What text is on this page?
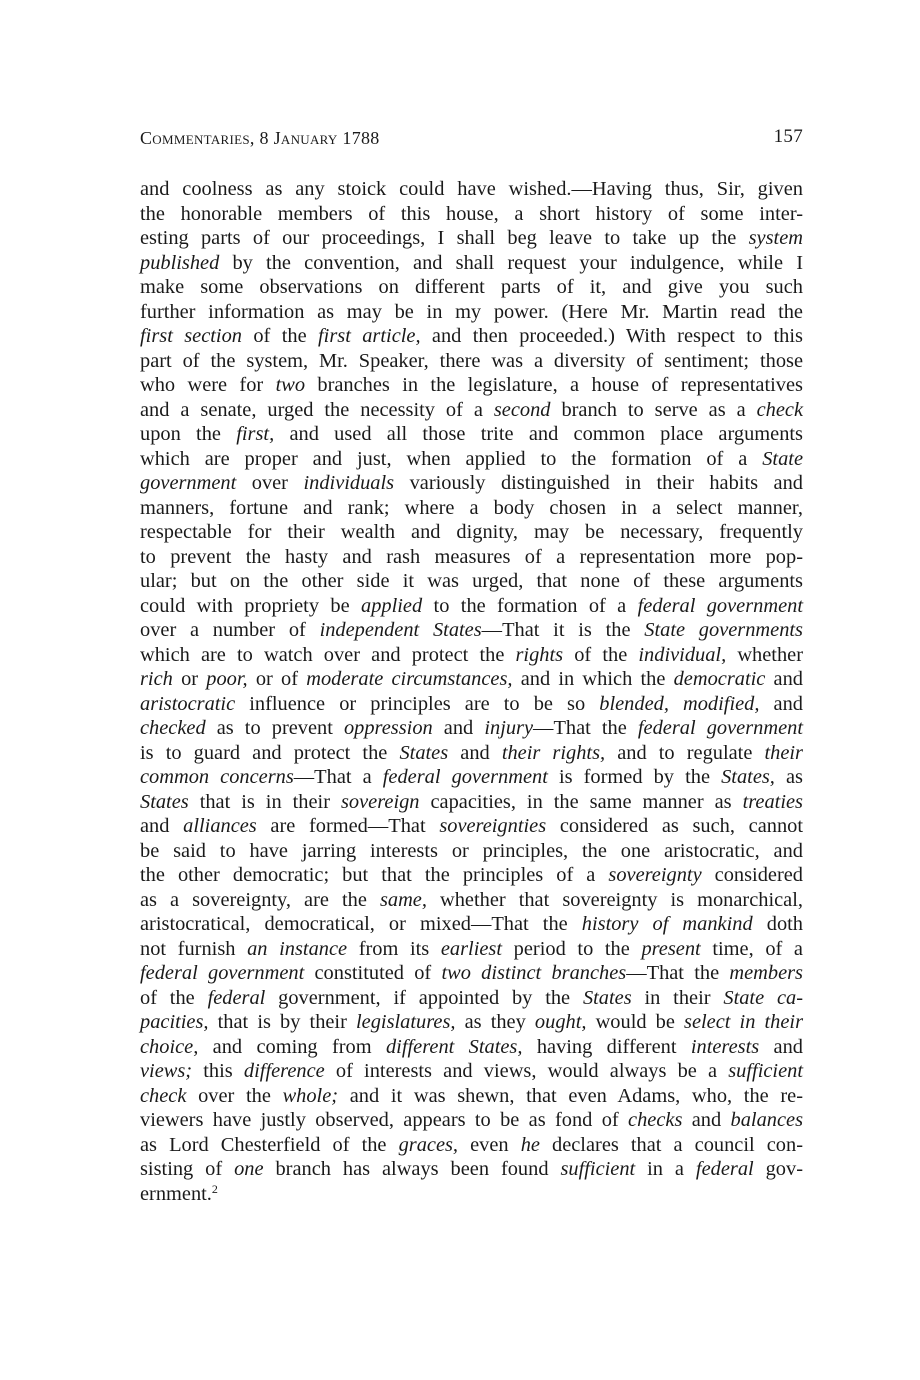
Commentaries, 8 January 1788	157
and coolness as any stoick could have wished.—Having thus, Sir, given
the honorable members of this house, a short history of some inter-
esting parts of our proceedings, I shall beg leave to take up the system
published by the convention, and shall request your indulgence, while I
make some observations on different parts of it, and give you such
further information as may be in my power. (Here Mr. Martin read the
first section of the first article, and then proceeded.) With respect to this
part of the system, Mr. Speaker, there was a diversity of sentiment; those
who were for two branches in the legislature, a house of representatives
and a senate, urged the necessity of a second branch to serve as a check
upon the first, and used all those trite and common place arguments
which are proper and just, when applied to the formation of a State
government over individuals variously distinguished in their habits and
manners, fortune and rank; where a body chosen in a select manner,
respectable for their wealth and dignity, may be necessary, frequently
to prevent the hasty and rash measures of a representation more pop-
ular; but on the other side it was urged, that none of these arguments
could with propriety be applied to the formation of a federal government
over a number of independent States—That it is the State governments
which are to watch over and protect the rights of the individual, whether
rich or poor, or of moderate circumstances, and in which the democratic and
aristocratic influence or principles are to be so blended, modified, and
checked as to prevent oppression and injury—That the federal government
is to guard and protect the States and their rights, and to regulate their
common concerns—That a federal government is formed by the States, as
States that is in their sovereign capacities, in the same manner as treaties
and alliances are formed—That sovereignties considered as such, cannot
be said to have jarring interests or principles, the one aristocratic, and
the other democratic; but that the principles of a sovereignty considered
as a sovereignty, are the same, whether that sovereignty is monarchical,
aristocratical, democratical, or mixed—That the history of mankind doth
not furnish an instance from its earliest period to the present time, of a
federal government constituted of two distinct branches—That the members
of the federal government, if appointed by the States in their State ca-
pacities, that is by their legislatures, as they ought, would be select in their
choice, and coming from different States, having different interests and
views; this difference of interests and views, would always be a sufficient
check over the whole; and it was shewn, that even Adams, who, the re-
viewers have justly observed, appears to be as fond of checks and balances
as Lord Chesterfield of the graces, even he declares that a council con-
sisting of one branch has always been found sufficient in a federal gov-
ernment.$^2$
